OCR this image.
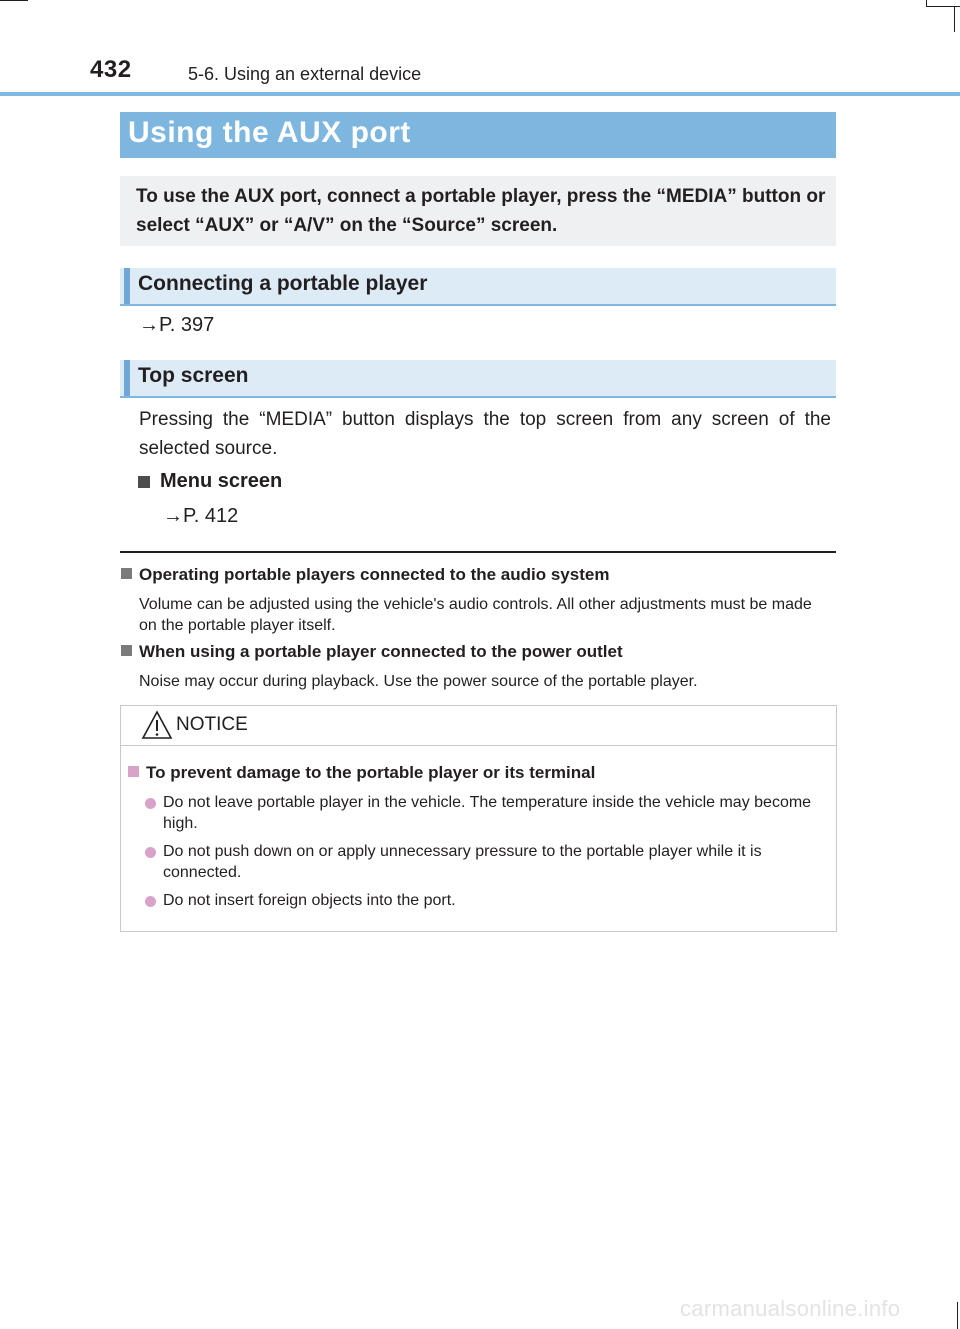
432	5-6. Using an external device
Using the AUX port

To use the AUX port, connect a portable player, press the “MEDIA” button or select “AUX” or “A/V” on the “Source” screen.

Connecting a portable player
→P. 397
Top screen

Pressing the “MEDIA” button displays the top screen from any screen of the selected source.

Menu screen
→P. 412
Operating portable players connected to the audio system

Volume can be adjusted using the vehicle's audio controls. All other adjustments must be made on the portable player itself.

When using a portable player connected to the power outlet

Noise may occur during playback. Use the power source of the portable player.

NOTICE
To prevent damage to the portable player or its terminal

Do not leave portable player in the vehicle. The temperature inside the vehicle may become high.

Do not push down on or apply unnecessary pressure to the portable player while it is connected.

Do not insert foreign objects into the port.

carmanualsonline.info
